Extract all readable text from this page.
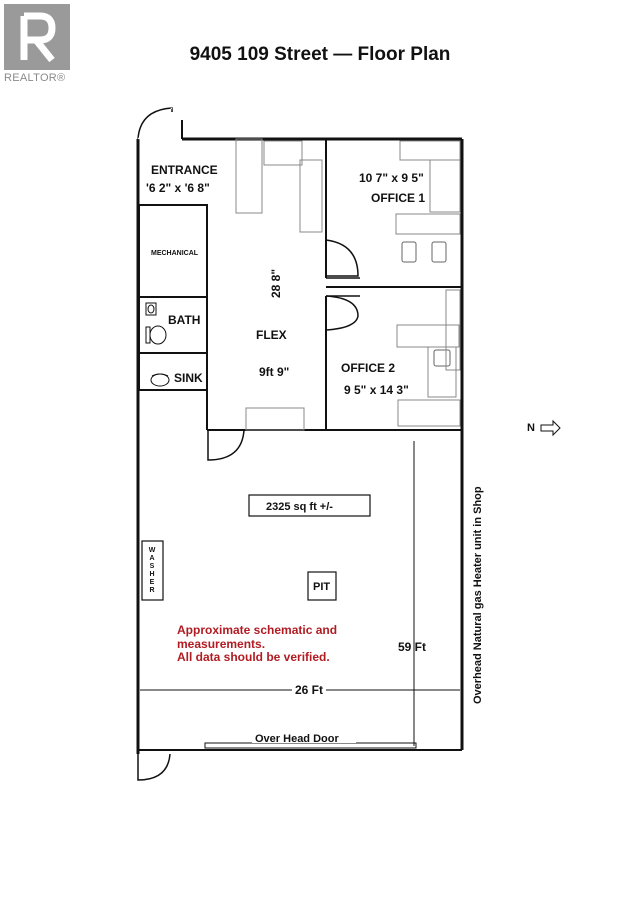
REALTOR®
9405 109 Street — Floor Plan
ENTRANCE
'6 2" x '6 8"
MECHANICAL
BATH
SINK
28 8"
FLEX
9ft 9"
10 7" x 9 5"
OFFICE 1
OFFICE 2
9 5" x 14 3"
2325 sq ft +/-
W
A
S
H
E
R	PIT
Approximate schematic and
measurements.
All data should be verified.
59 Ft
26 Ft
Over Head Door
Overhead Natural gas Heater unit in Shop
N
